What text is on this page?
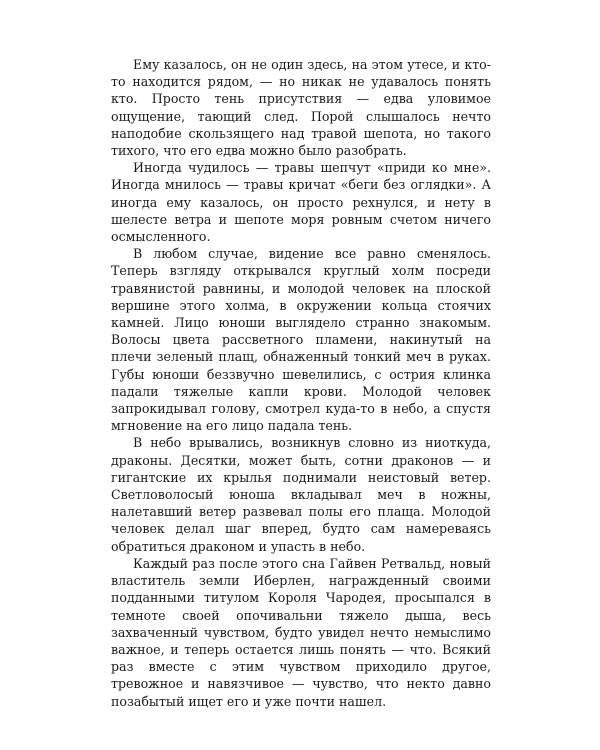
Ему казалось, он не один здесь, на этом утесе, и кто-то находится рядом, — но никак не удавалось понять кто. Просто тень присутствия — едва уловимое ощущение, тающий след. Порой слышалось нечто наподобие скользящего над травой шепота, но такого тихого, что его едва можно было разобрать.

Иногда чудилось — травы шепчут «приди ко мне». Иногда мнилось — травы кричат «беги без оглядки». А иногда ему казалось, он просто рехнулся, и нету в шелесте ветра и шепоте моря ровным счетом ничего осмысленного.

В любом случае, видение все равно сменялось. Теперь взгляду открывался круглый холм посреди травянистой равнины, и молодой человек на плоской вершине этого холма, в окружении кольца стоячих камней. Лицо юноши выглядело странно знакомым. Волосы цвета рассветного пламени, накинутый на плечи зеленый плащ, обнаженный тонкий меч в руках. Губы юноши беззвучно шевелились, с острия клинка падали тяжелые капли крови. Молодой человек запрокидывал голову, смотрел куда-то в небо, а спустя мгновение на его лицо падала тень.

В небо врывались, возникнув словно из ниоткуда, драконы. Десятки, может быть, сотни драконов — и гигантские их крылья поднимали неистовый ветер. Светловолосый юноша вкладывал меч в ножны, налетавший ветер развевал полы его плаща. Молодой человек делал шаг вперед, будто сам намереваясь обратиться драконом и упасть в небо.

Каждый раз после этого сна Гайвен Ретвальд, новый властитель земли Иберлен, награжденный своими подданными титулом Короля Чародея, просыпался в темноте своей опочивальни тяжело дыша, весь захваченный чувством, будто увидел нечто немыслимо важное, и теперь остается лишь понять — что. Всякий раз вместе с этим чувством приходило другое, тревожное и навязчивое — чувство, что некто давно позабытый ищет его и уже почти нашел.
